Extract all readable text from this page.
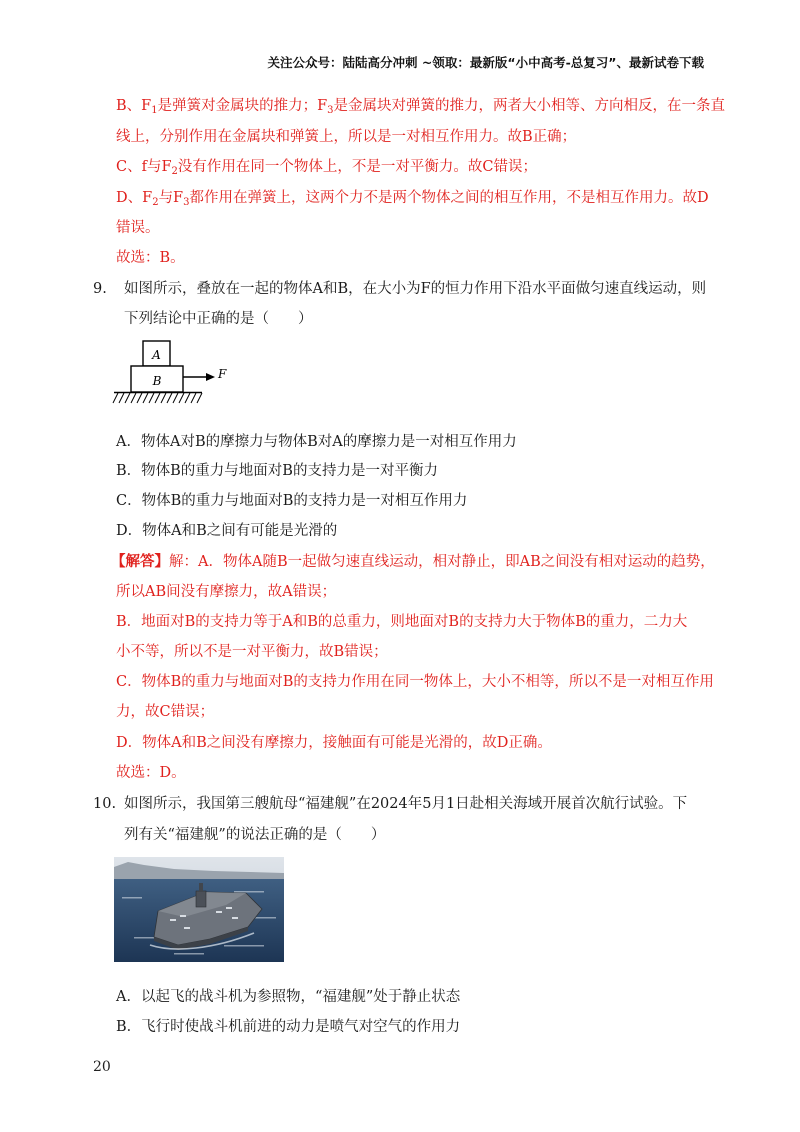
关注公众号：陆陆高分冲刺 ~领取：最新版“小中高考-总复习”、最新试卷下载
B、$F_1$是弹簧对金属块的推力；$F_3$是金属块对弹簧的推力，两者大小相等、方向相反，在一条直
线上，分别作用在金属块和弹簧上，所以是一对相互作用力。故B正确；
C、f与$F_2$没有作用在同一个物体上，不是一对平衡力。故C错误；
D、$F_2$与$F_3$都作用在弹簧上，这两个力不是两个物体之间的相互作用，不是相互作用力。故D
错误。
故选：B。
9. 如图所示，叠放在一起的物体A和B，在大小为F的恒力作用下沿水平面做匀速直线运动，则
下列结论中正确的是（　　）
A
B	F
A．物体A对B的摩擦力与物体B对A的摩擦力是一对相互作用力
B．物体B的重力与地面对B的支持力是一对平衡力
C．物体B的重力与地面对B的支持力是一对相互作用力
D．物体A和B之间有可能是光滑的
【解答】解：A．物体A随B一起做匀速直线运动，相对静止，即AB之间没有相对运动的趋势，
所以AB间没有摩擦力，故A错误；
B．地面对B的支持力等于A和B的总重力，则地面对B的支持力大于物体B的重力，二力大
小不等，所以不是一对平衡力，故B错误；
C．物体B的重力与地面对B的支持力作用在同一物体上，大小不相等，所以不是一对相互作用
力，故C错误；
D．物体A和B之间没有摩擦力，接触面有可能是光滑的，故D正确。
故选：D。
10. 如图所示，我国第三艘航母“福建舰”在2024年5月1日赴相关海域开展首次航行试验。下
列有关“福建舰”的说法正确的是（　　）
A．以起飞的战斗机为参照物，“福建舰”处于静止状态
B．飞行时使战斗机前进的动力是喷气对空气的作用力
20
